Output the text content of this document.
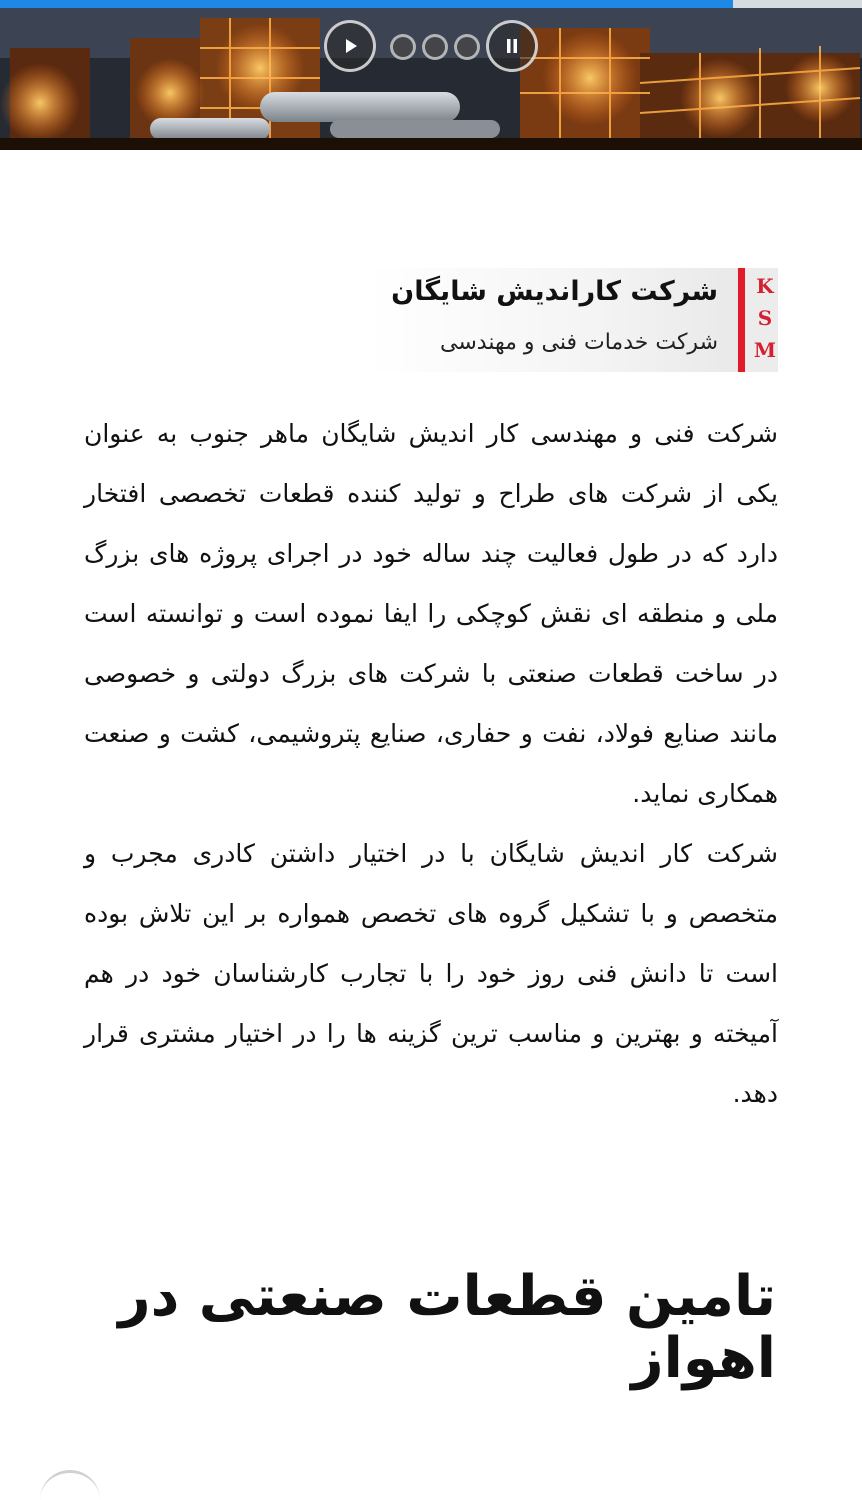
شرکت کاراندیش شایگان
شرکت خدمات فنی و مهندسی
K
S
M

شرکت فنی و مهندسی کار اندیش شایگان ماهر جنوب به عنوان یکی از شرکت های طراح و تولید کننده قطعات تخصصی افتخار دارد که در طول فعالیت چند ساله خود در اجرای پروژه های بزرگ ملی و منطقه ای نقش کوچکی را ایفا نموده است و توانسته است در ساخت قطعات صنعتی با شرکت های بزرگ دولتی و خصوصی مانند صنایع فولاد، نفت و حفاری، صنایع پتروشیمی، کشت و صنعت همکاری نماید.

شرکت کار اندیش شایگان با در اختیار داشتن کادری مجرب و متخصص و با تشکیل گروه های تخصص همواره بر این تلاش بوده است تا دانش فنی روز خود را با تجارب کارشناسان خود در هم آمیخته و بهترین و مناسب ترین گزینه ها را در اختیار مشتری قرار دهد.

تامین قطعات صنعتی در اهواز
